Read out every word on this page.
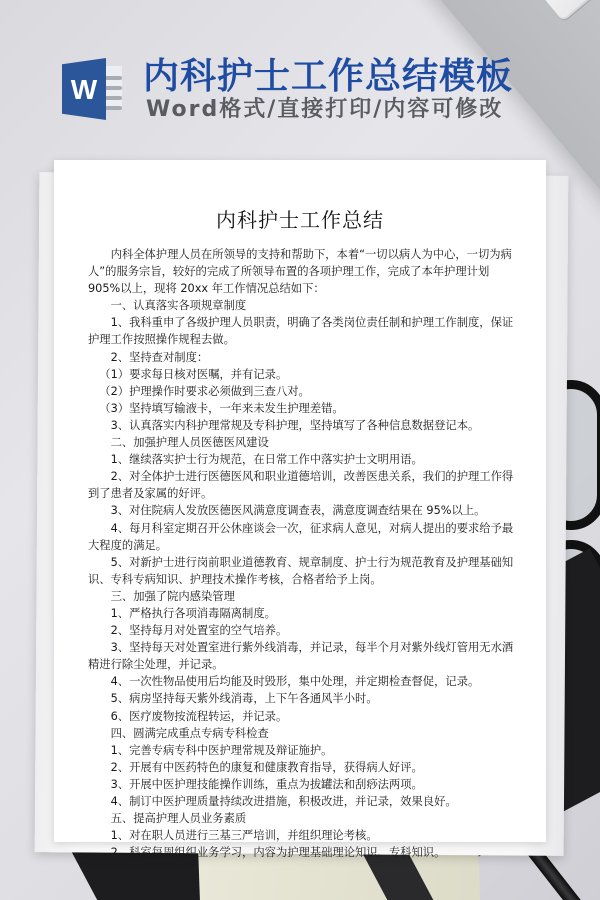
W 内科护士工作总结模板
Word格式/直接打印/内容可修改
内科护士工作总结

内科全体护理人员在所领导的支持和帮助下，本着“一切以病人为中心，一切为病人”的服务宗旨，较好的完成了所领导布置的各项护理工作，完成了本年护理计划 905%以上，现将 20xx 年工作情况总结如下：

一、认真落实各项规章制度

1、我科重申了各级护理人员职责，明确了各类岗位责任制和护理工作制度，保证护理工作按照操作规程去做。

2、坚持查对制度：

（1）要求每日核对医嘱，并有记录。

（2）护理操作时要求必须做到三查八对。

（3）坚持填写输液卡，一年来未发生护理差错。

3、认真落实内科护理常规及专科护理，坚持填写了各种信息数据登记本。

二、加强护理人员医德医风建设

1、继续落实护士行为规范，在日常工作中落实护士文明用语。

2、对全体护士进行医德医风和职业道德培训，改善医患关系，我们的护理工作得到了患者及家属的好评。

3、对住院病人发放医德医风满意度调查表，满意度调查结果在 95%以上。

4、每月科室定期召开公休座谈会一次，征求病人意见，对病人提出的要求给予最大程度的满足。

5、对新护士进行岗前职业道德教育、规章制度、护士行为规范教育及护理基础知识、专科专病知识、护理技术操作考核，合格者给予上岗。

三、加强了院内感染管理

1、严格执行各项消毒隔离制度。

2、坚持每月对处置室的空气培养。

3、坚持每天对处置室进行紫外线消毒，并记录，每半个月对紫外线灯管用无水酒精进行除尘处理，并记录。

4、一次性物品使用后均能及时毁形，集中处理，并定期检查督促，记录。

5、病房坚持每天紫外线消毒，上下午各通风半小时。

6、医疗废物按流程转运，并记录。

四、圆满完成重点专病专科检查

1、完善专病专科中医护理常规及辩证施护。

2、开展有中医药特色的康复和健康教育指导，获得病人好评。

3、开展中医护理技能操作训练，重点为拔罐法和刮痧法两项。

4、制订中医护理质量持续改进措施，积极改进，并记录，效果良好。

五、提高护理人员业务素质

1、对在职人员进行三基三严培训，并组织理论考核。

2、科室每周组织业务学习，内容为护理基础理论知识、专科知识。
